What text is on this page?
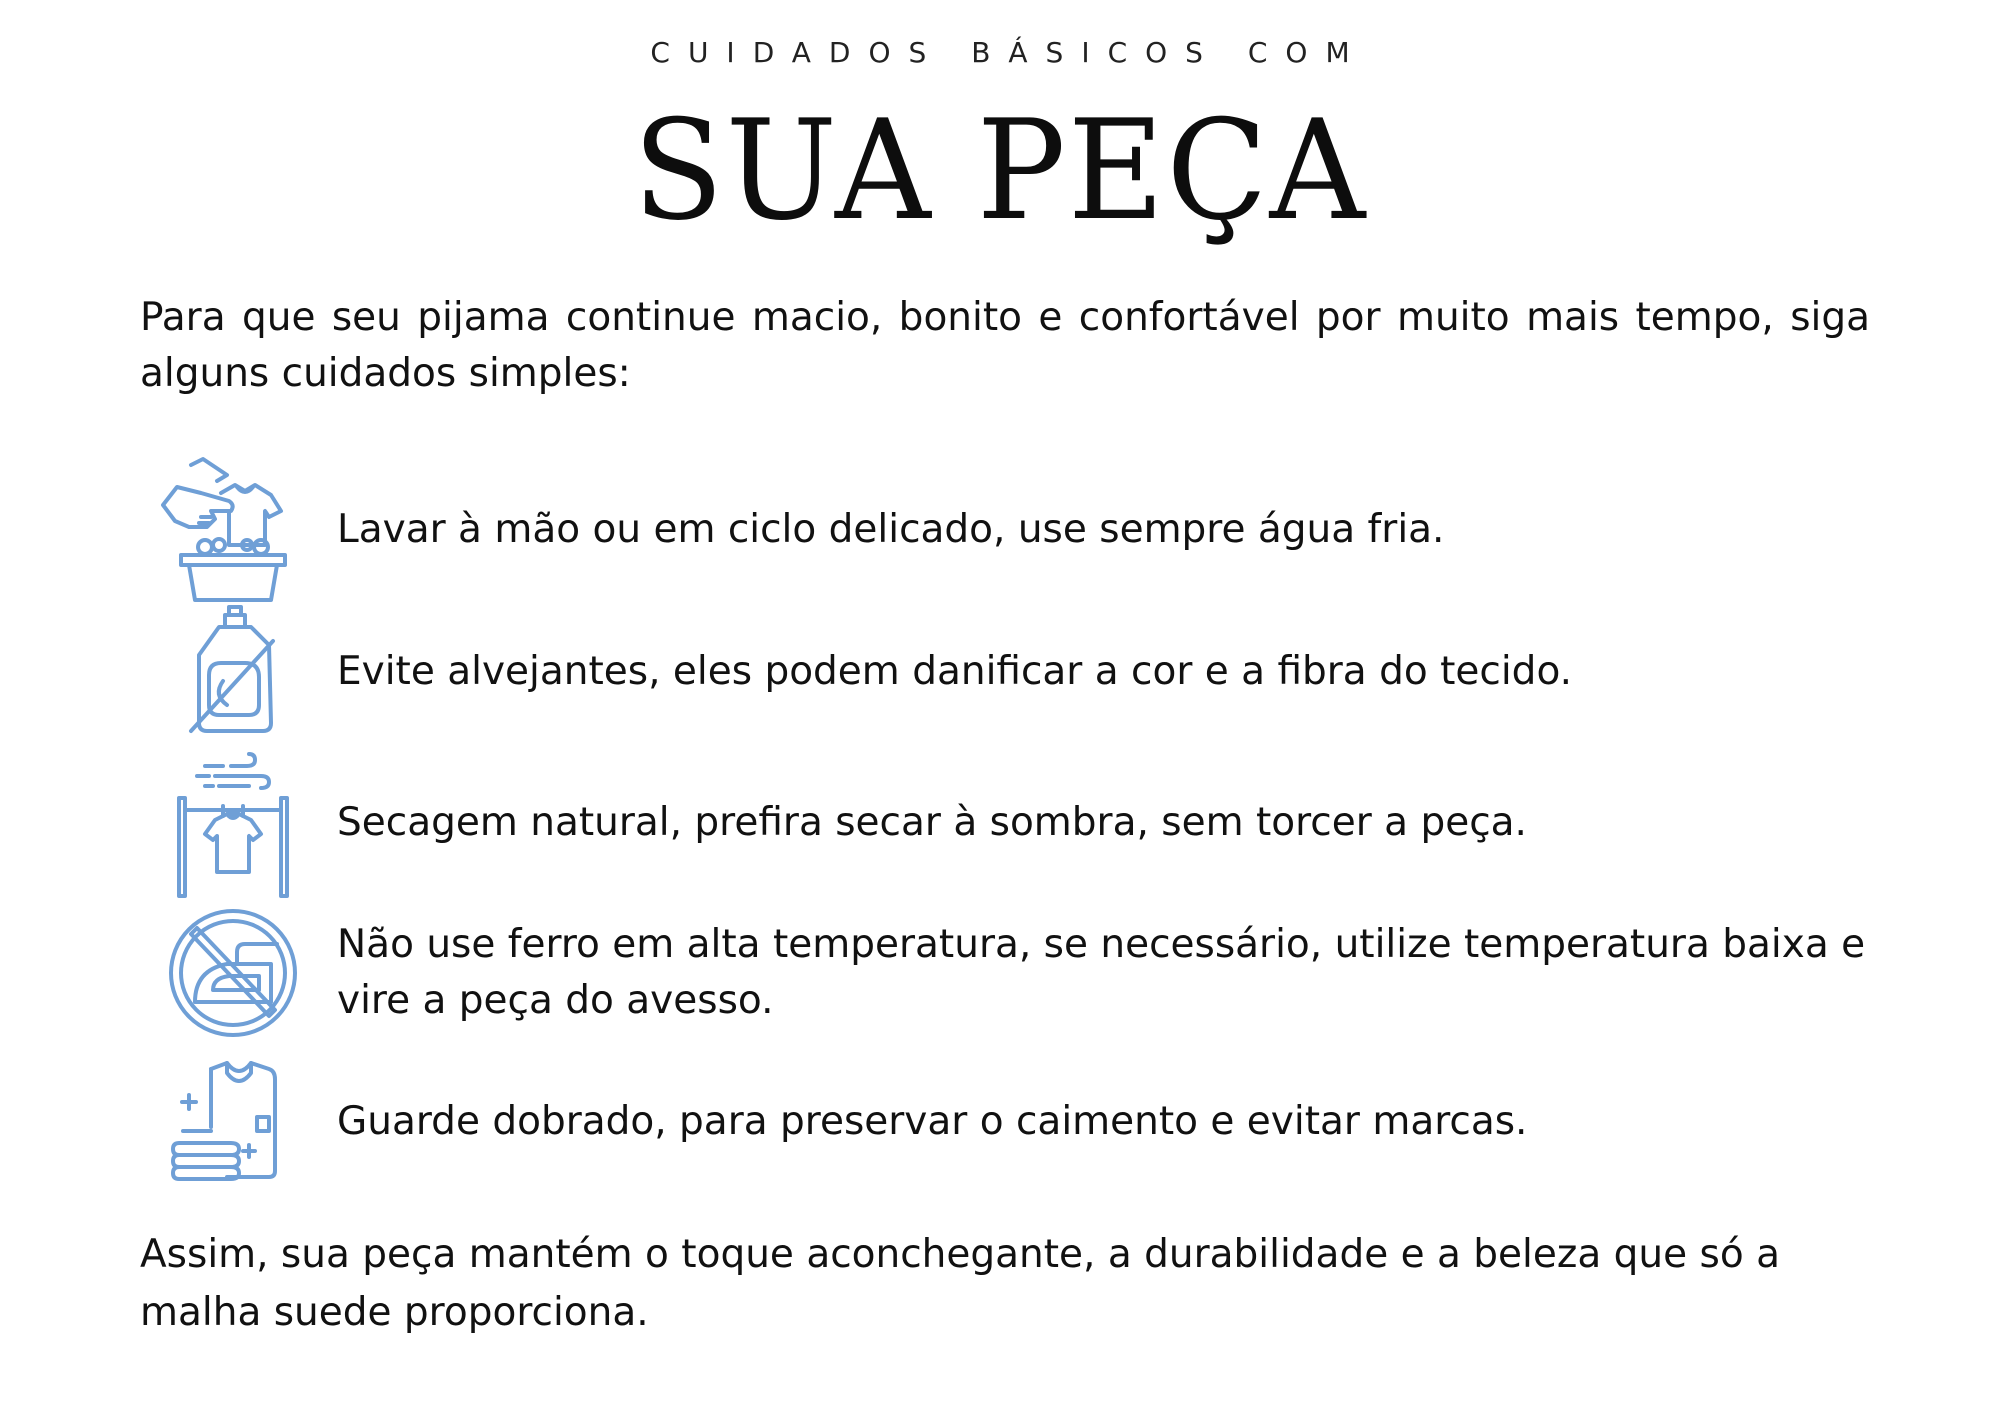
CUIDADOS BÁSICOS COM
SUA PEÇA

Para que seu pijama continue macio, bonito e confortável por muito mais tempo, siga alguns cuidados simples:

Lavar à mão ou em ciclo delicado, use sempre água fria.
Evite alvejantes, eles podem danificar a cor e a fibra do tecido.
Secagem natural, prefira secar à sombra, sem torcer a peça.
Não use ferro em alta temperatura, se necessário, utilize temperatura baixa e vire a peça do avesso.
Guarde dobrado, para preservar o caimento e evitar marcas.

Assim, sua peça mantém o toque aconchegante, a durabilidade e a beleza que só a malha suede proporciona.
